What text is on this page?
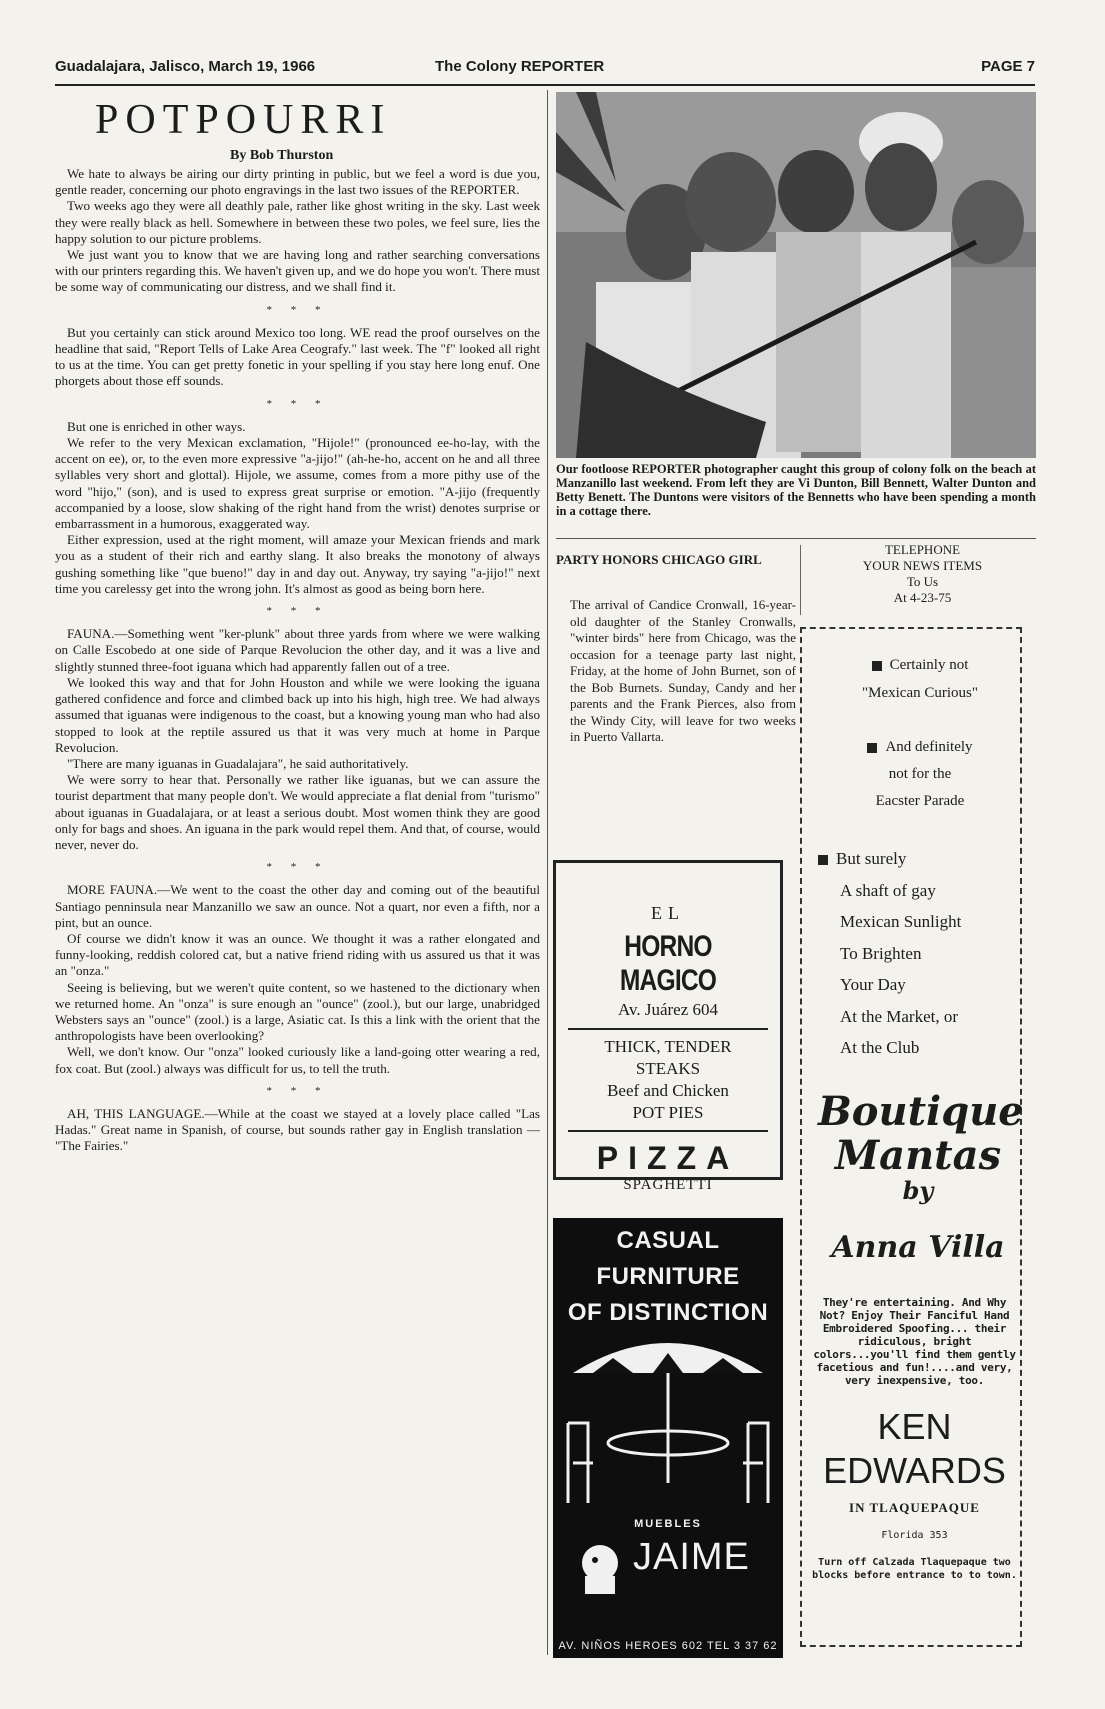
Guadalajara, Jalisco, March 19, 1966	The Colony REPORTER	PAGE 7
POTPOURRI
By Bob Thurston

We hate to always be airing our dirty printing in public, but we feel a word is due you, gentle reader, concerning our photo engravings in the last two issues of the REPORTER.

Two weeks ago they were all deathly pale, rather like ghost writing in the sky. Last week they were really black as hell. Somewhere in between these two poles, we feel sure, lies the happy solution to our picture problems.

We just want you to know that we are having long and rather searching conversations with our printers regarding this. We haven't given up, and we do hope you won't. There must be some way of communicating our distress, and we shall find it.

* * *

But you certainly can stick around Mexico too long. WE read the proof ourselves on the headline that said, "Report Tells of Lake Area Ceografy." last week. The "f" looked all right to us at the time. You can get pretty fonetic in your spelling if you stay here long enuf. One phorgets about those eff sounds.

* * *

But one is enriched in other ways.

We refer to the very Mexican exclamation, "Hijole!" (pronounced ee-ho-lay, with the accent on ee), or, to the even more expressive "a-jijo!" (ah-he-ho, accent on he and all three syllables very short and glottal). Hijole, we assume, comes from a more pithy use of the word "hijo," (son), and is used to express great surprise or emotion. "A-jijo (frequently accompanied by a loose, slow shaking of the right hand from the wrist) denotes surprise or embarrassment in a humorous, exaggerated way.

Either expression, used at the right moment, will amaze your Mexican friends and mark you as a student of their rich and earthy slang. It also breaks the monotony of always gushing something like "que bueno!" day in and day out. Anyway, try saying "a-jijo!" next time you carelessy get into the wrong john. It's almost as good as being born here.

* * *

FAUNA.—Something went "ker-plunk" about three yards from where we were walking on Calle Escobedo at one side of Parque Revolucion the other day, and it was a live and slightly stunned three-foot iguana which had apparently fallen out of a tree.

We looked this way and that for John Houston and while we were looking the iguana gathered confidence and force and climbed back up into his high, high tree. We had always assumed that iguanas were indigenous to the coast, but a knowing young man who had also stopped to look at the reptile assured us that it was very much at home in Parque Revolucion.

"There are many iguanas in Guadalajara", he said authoritatively.

We were sorry to hear that. Personally we rather like iguanas, but we can assure the tourist department that many people don't. We would appreciate a flat denial from "turismo" about iguanas in Guadalajara, or at least a serious doubt. Most women think they are good only for bags and shoes. An iguana in the park would repel them. And that, of course, would never, never do.

* * *

MORE FAUNA.—We went to the coast the other day and coming out of the beautiful Santiago penninsula near Manzanillo we saw an ounce. Not a quart, nor even a fifth, nor a pint, but an ounce.

Of course we didn't know it was an ounce. We thought it was a rather elongated and funny-looking, reddish colored cat, but a native friend riding with us assured us that it was an "onza."

Seeing is believing, but we weren't quite content, so we hastened to the dictionary when we returned home. An "onza" is sure enough an "ounce" (zool.), but our large, unabridged Websters says an "ounce" (zool.) is a large, Asiatic cat. Is this a link with the orient that the anthropologists have been overlooking?

Well, we don't know. Our "onza" looked curiously like a land-going otter wearing a red, fox coat. But (zool.) always was difficult for us, to tell the truth.

* * *

AH, THIS LANGUAGE.—While at the coast we stayed at a lovely place called "Las Hadas." Great name in Spanish, of course, but sounds rather gay in English translation — "The Fairies."

Our footloose REPORTER photographer caught this group of colony folk on the beach at Manzanillo last weekend. From left they are Vi Dunton, Bill Bennett, Walter Dunton and Betty Benett. The Duntons were visitors of the Bennetts who have been spending a month in a cottage there.
PARTY HONORS CHICAGO GIRL
The arrival of Candice Cronwall, 16-year-old daughter of the Stanley Cronwalls, "winter birds" here from Chicago, was the occasion for a teenage party last night, Friday, at the home of John Burnet, son of the Bob Burnets. Sunday, Candy and her parents and the Frank Pierces, also from the Windy City, will leave for two weeks in Puerto Vallarta.
TELEPHONE
YOUR NEWS ITEMS
To Us
At 4-23-75
EL
HORNO MAGICO
Av. Juárez 604
THICK, TENDER
STEAKS
Beef and Chicken
POT PIES
PIZZA
SPAGHETTI
CASUAL
FURNITURE
OF DISTINCTION
MUEBLES
JAIME
AV. NIÑOS HEROES 602 TEL 3 37 62
Certainly not
"Mexican Curious"
And definitely
not for the
Eacster Parade
But surely
A shaft of gay
Mexican Sunlight
To Brighten
Your Day
At the Market, or
At the Club
Boutique
Mantas
by
Anna Villa
They're entertaining. And Why Not? Enjoy Their Fanciful Hand Embroidered Spoofing... their ridiculous, bright colors...you'll find them gently facetious and fun!....and very, very inexpensive, too.
KEN
EDWARDS
IN TLAQUEPAQUE
Florida 353
Turn off Calzada Tlaquepaque two blocks before entrance to to town.
